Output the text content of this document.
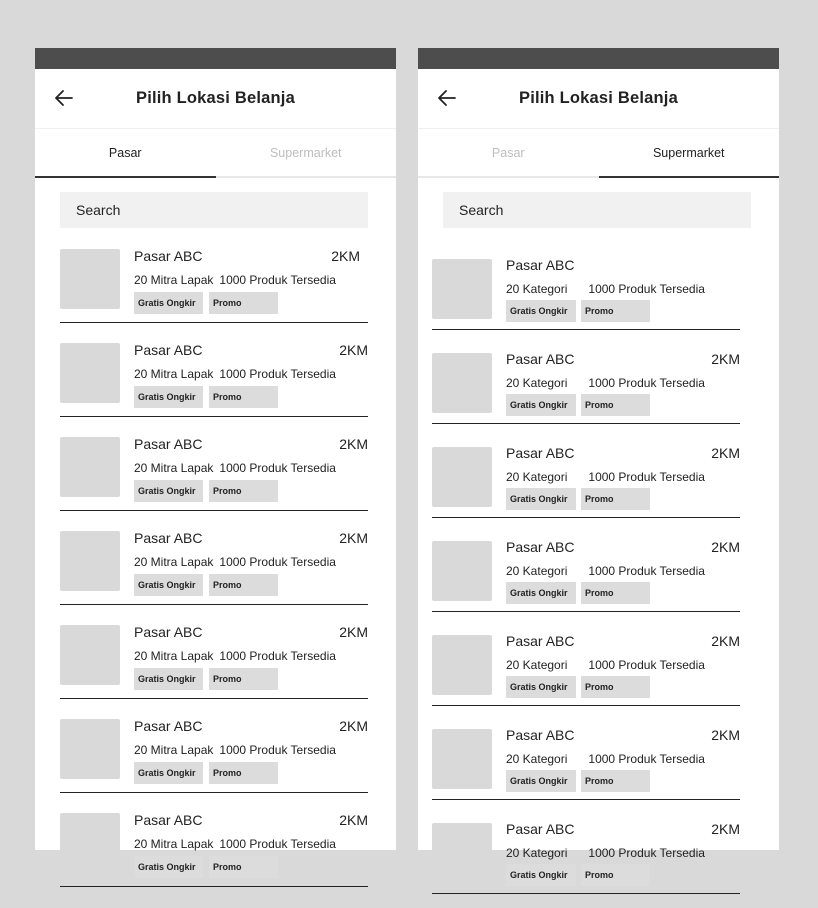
Pilih Lokasi Belanja
Pasar	Supermarket
Search
Pasar ABC	2KM
20 Mitra Lapak 1000 Produk Tersedia
Gratis Ongkir	Promo
Pasar ABC	2KM
20 Mitra Lapak 1000 Produk Tersedia
Gratis Ongkir	Promo
Pasar ABC	2KM
20 Mitra Lapak 1000 Produk Tersedia
Gratis Ongkir	Promo
Pasar ABC	2KM
20 Mitra Lapak 1000 Produk Tersedia
Gratis Ongkir	Promo
Pasar ABC	2KM
20 Mitra Lapak 1000 Produk Tersedia
Gratis Ongkir	Promo
Pasar ABC	2KM
20 Mitra Lapak 1000 Produk Tersedia
Gratis Ongkir	Promo
Pasar ABC	2KM
20 Mitra Lapak 1000 Produk Tersedia
Gratis Ongkir	Promo
Pilih Lokasi Belanja
Pasar	Supermarket
Search
Pasar ABC
20 Kategori 1000 Produk Tersedia
Gratis Ongkir	Promo
Pasar ABC	2KM
20 Kategori 1000 Produk Tersedia
Gratis Ongkir	Promo
Pasar ABC	2KM
20 Kategori 1000 Produk Tersedia
Gratis Ongkir	Promo
Pasar ABC	2KM
20 Kategori 1000 Produk Tersedia
Gratis Ongkir	Promo
Pasar ABC	2KM
20 Kategori 1000 Produk Tersedia
Gratis Ongkir	Promo
Pasar ABC	2KM
20 Kategori 1000 Produk Tersedia
Gratis Ongkir	Promo
Pasar ABC	2KM
20 Kategori 1000 Produk Tersedia
Gratis Ongkir	Promo
